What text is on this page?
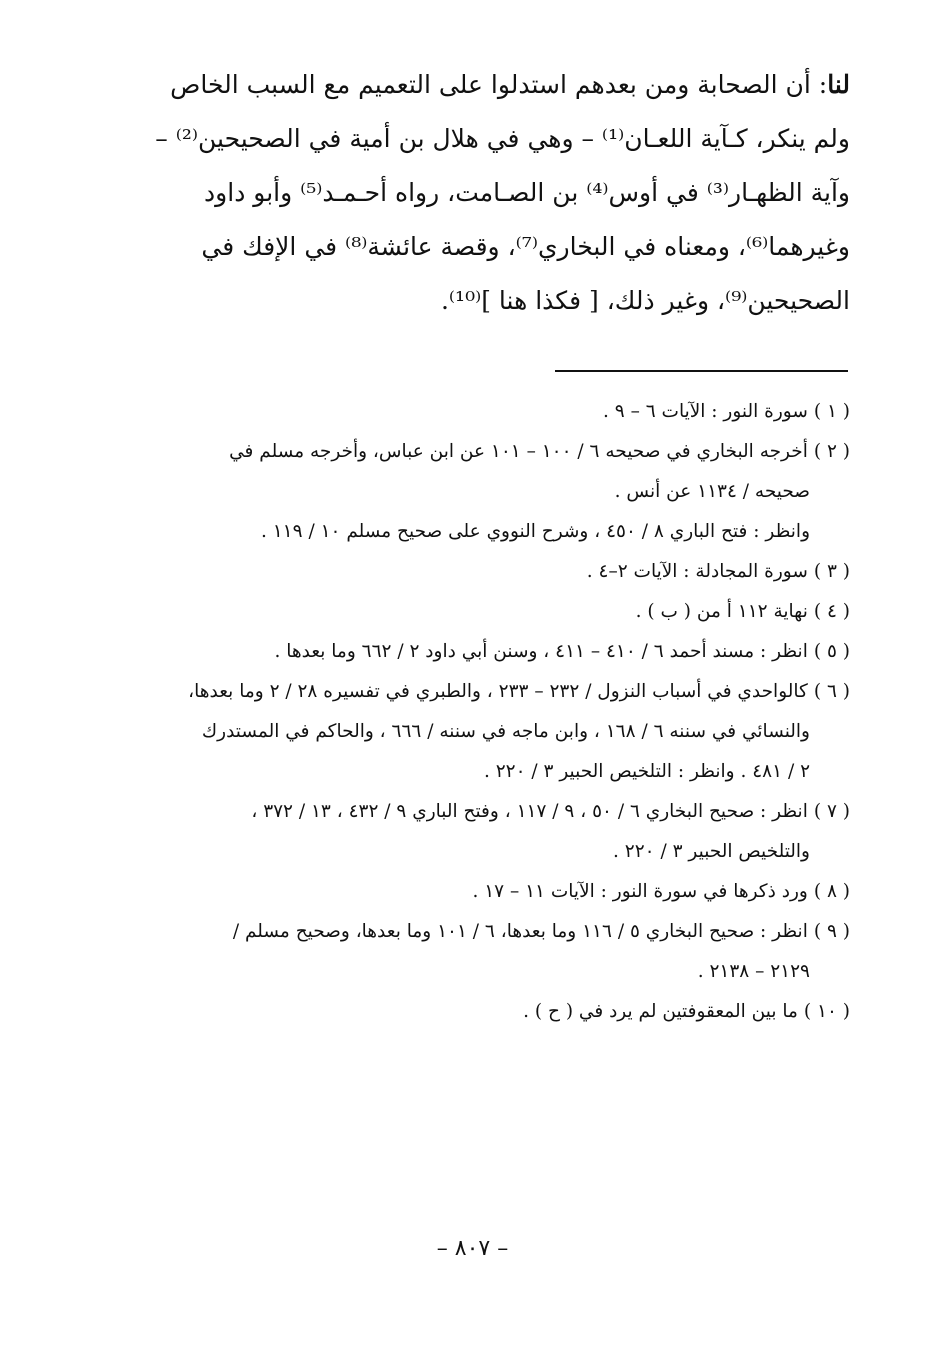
لنا: أن الصحابة ومن بعدهم استدلوا على التعميم مع السبب الخاص
ولم ينكر، كـآية اللعـان⁽¹⁾ – وهي في هلال بن أمية في الصحيحين⁽²⁾ –
وآية الظهـار⁽³⁾ في أوس⁽⁴⁾ بن الصـامت، رواه أحـمـد⁽⁵⁾ وأبو داود
وغيرهما⁽⁶⁾، ومعناه في البخاري⁽⁷⁾، وقصة عائشة⁽⁸⁾ في الإفك في
الصحيحين⁽⁹⁾، وغير ذلك، [ فكذا هنا ]⁽¹⁰⁾.
( ١ )سورة النور : الآيات ٦ – ٩ .
( ٢ )أخرجه البخاري في صحيحه ٦ / ١٠٠ – ١٠١ عن ابن عباس، وأخرجه مسلم في
صحيحه / ١١٣٤ عن أنس .
وانظر : فتح الباري ٨ / ٤٥٠ ، وشرح النووي على صحيح مسلم ١٠ / ١١٩ .
( ٣ )سورة المجادلة : الآيات ٢–٤ .
( ٤ )نهاية ١١٢ أ من ( ب ) .
( ٥ )انظر : مسند أحمد ٦ / ٤١٠ – ٤١١ ، وسنن أبي داود ٢ / ٦٦٢ وما بعدها .
( ٦ )كالواحدي في أسباب النزول / ٢٣٢ – ٢٣٣ ، والطبري في تفسيره ٢٨ / ٢ وما بعدها،
والنسائي في سننه ٦ / ١٦٨ ، وابن ماجه في سننه / ٦٦٦ ، والحاكم في المستدرك
٢ / ٤٨١ . وانظر : التلخيص الحبير ٣ / ٢٢٠ .
( ٧ )انظر : صحيح البخاري ٦ / ٥٠ ، ٩ / ١١٧ ، وفتح الباري ٩ / ٤٣٢ ، ١٣ / ٣٧٢ ،
والتلخيص الحبير ٣ / ٢٢٠ .
( ٨ )ورد ذكرها في سورة النور : الآيات ١١ – ١٧ .
( ٩ )انظر : صحيح البخاري ٥ / ١١٦ وما بعدها، ٦ / ١٠١ وما بعدها، وصحيح مسلم /
٢١٢٩ – ٢١٣٨ .
( ١٠ )ما بين المعقوفتين لم يرد في ( ح ) .
– ٨٠٧ –
